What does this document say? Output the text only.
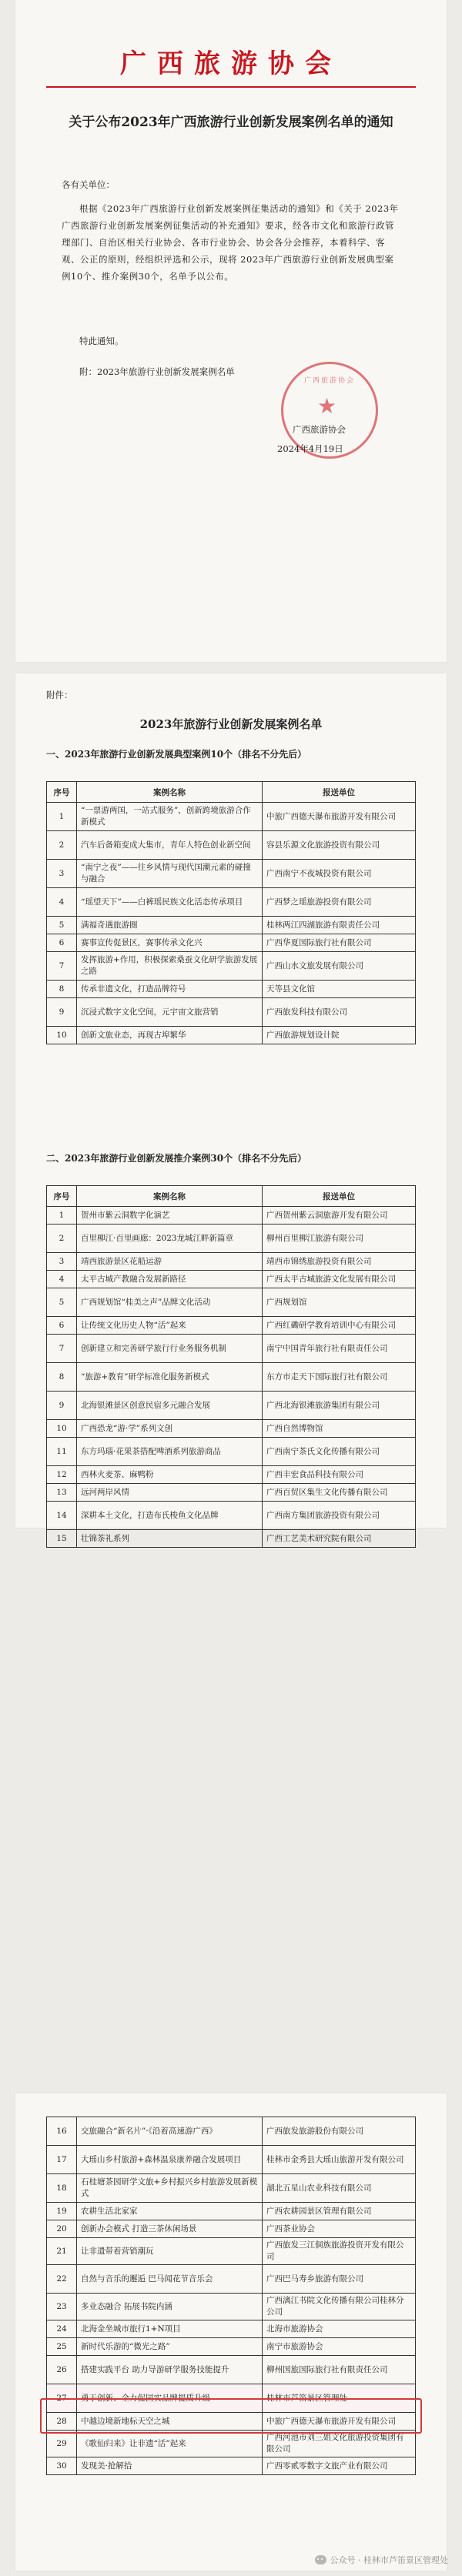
广西旅游协会
关于公布2023年广西旅游行业创新发展案例名单的通知
各有关单位：
根据《2023年广西旅游行业创新发展案例征集活动的通知》和《关于 2023年广西旅游行业创新发展案例征集活动的补充通知》要求，经各市文化和旅游行政管理部门、自治区相关行业协会、各市行业协会、协会各分会推荐，本着科学、客观、公正的原则，经组织评选和公示，现将 2023年广西旅游行业创新发展典型案例10个、推介案例30个，名单予以公布。
特此通知。
附：2023年旅游行业创新发展案例名单
广西旅游协会
★
广西旅游协会
2024年4月19日
附件：
2023年旅游行业创新发展案例名单
一、2023年旅游行业创新发展典型案例10个（排名不分先后）
序号	案例名称	报送单位
1	“一票游两国，一站式服务”，创新跨境旅游合作新模式	中旅广西德天瀑布旅游开发有限公司
2	汽车后备箱变成大集市，青年人特色创业新空间	容县乐源文化旅游投资有限公司
3	“南宁之夜”——往乡风情与现代国潮元素的碰撞与融合	广西南宁不夜城投资有限公司
4	“瑶望天下”——白裤瑶民族文化活态传承项目	广西梦之瑶旅游投资有限公司
5	满福奇遇旅游圈	桂林两江四湖旅游有限责任公司
6	赛事宣传促景区，赛事传承文化兴	广西华夏国际旅行社有限公司
7	发挥旅游+作用，积极探索桑蚕文化研学旅游发展之路	广西山水文旅发展有限公司
8	传承非遗文化，打造品牌符号	天等县文化馆
9	沉浸式数字文化空间，元宇宙文旅营销	广西旅发科技有限公司
10	创新文旅业态，再现古埠繁华	广西旅游规划设计院
二、2023年旅游行业创新发展推介案例30个（排名不分先后）
序号	案例名称	报送单位
1	贺州市紫云洞数字化演艺	广西贺州紫云洞旅游开发有限公司
2	百里柳江·百里画廊：2023龙城江畔新篇章	柳州百里柳江旅游有限公司
3	靖西旅游景区花船运游	靖西市锦绣旅游投资有限公司
4	太平古城产教融合发展新路径	广西太平古城旅游文化发展有限公司
5	广西规划馆“桂美之声”品牌文化活动	广西规划馆
6	让传统文化历史人物“活”起来	广西红磡研学教育培训中心有限公司
7	创新建立和完善研学旅行行业务服务机制	南宁中国青年旅行社有限责任公司
8	“旅游+教育”研学标准化服务新模式	东方市走天下国际旅行社有限公司
9	北海银滩景区创意民宿多元融合发展	广西北海银滩旅游集团有限公司
10	广西恐龙“游·学”系列文创	广西自然博物馆
11	东方玛瑙·花果茶搭配啤酒系列旅游商品	广西南宁茶氏文化传播有限公司
12	西林火麦茶、麻鸭粉	广西丰宏食品科技有限公司
13	远河两岸风情	广西百贸区集生文化传播有限公司
14	深耕本土文化，打造布氏梭鱼文化品牌	广西南方集团旅游投资有限公司
15	壮锦茶礼系列	广西工艺美术研究院有限公司
16	交旅融合“新名片”·《沿着高速游广西》	广西旅发旅游股份有限公司
17	大瑶山乡村旅游+森林温泉康养融合发展项目	桂林市金秀县大瑶山旅游开发有限公司
18	石桂塘茶园研学文旅+乡村振兴乡村旅游发展新模式	湖北五星山农业科技有限公司
19	农耕生活北家家	广西农耕园景区管理有限公司
20	创新办会模式 打造三茶休闲场景	广西茶业协会
21	让非遗带着营销潮玩	广西旅发三江侗族旅游投资开发有限公司
22	自然与音乐的邂逅 巴马闻花节音乐会	广西巴马寿乡旅游有限公司
23	多业态融合 拓展书院内涵	广西漓江书院文化传播有限公司桂林分公司
24	北海金坐城市旅行1+N项目	北海市旅游协会
25	新时代乐游的“微光之路”	南宁市旅游协会
26	搭建实践平台 助力导游研学服务技能提升	柳州国旅国际旅行社有限责任公司
27	勇于创新、全力促园实品牌提质升级	桂林市芦笛景区管理处
28	中越边境新地标天空之城	中旅广西德天瀑布旅游开发有限公司
29	《歌仙归来》让非遗“活”起来	广西河池市刘三姐文化旅游投资集团有限公司
30	发现美·抢解拾	广西零贰零数字文旅产业有限公司
公众号 · 桂林市芦笛景区管理处
